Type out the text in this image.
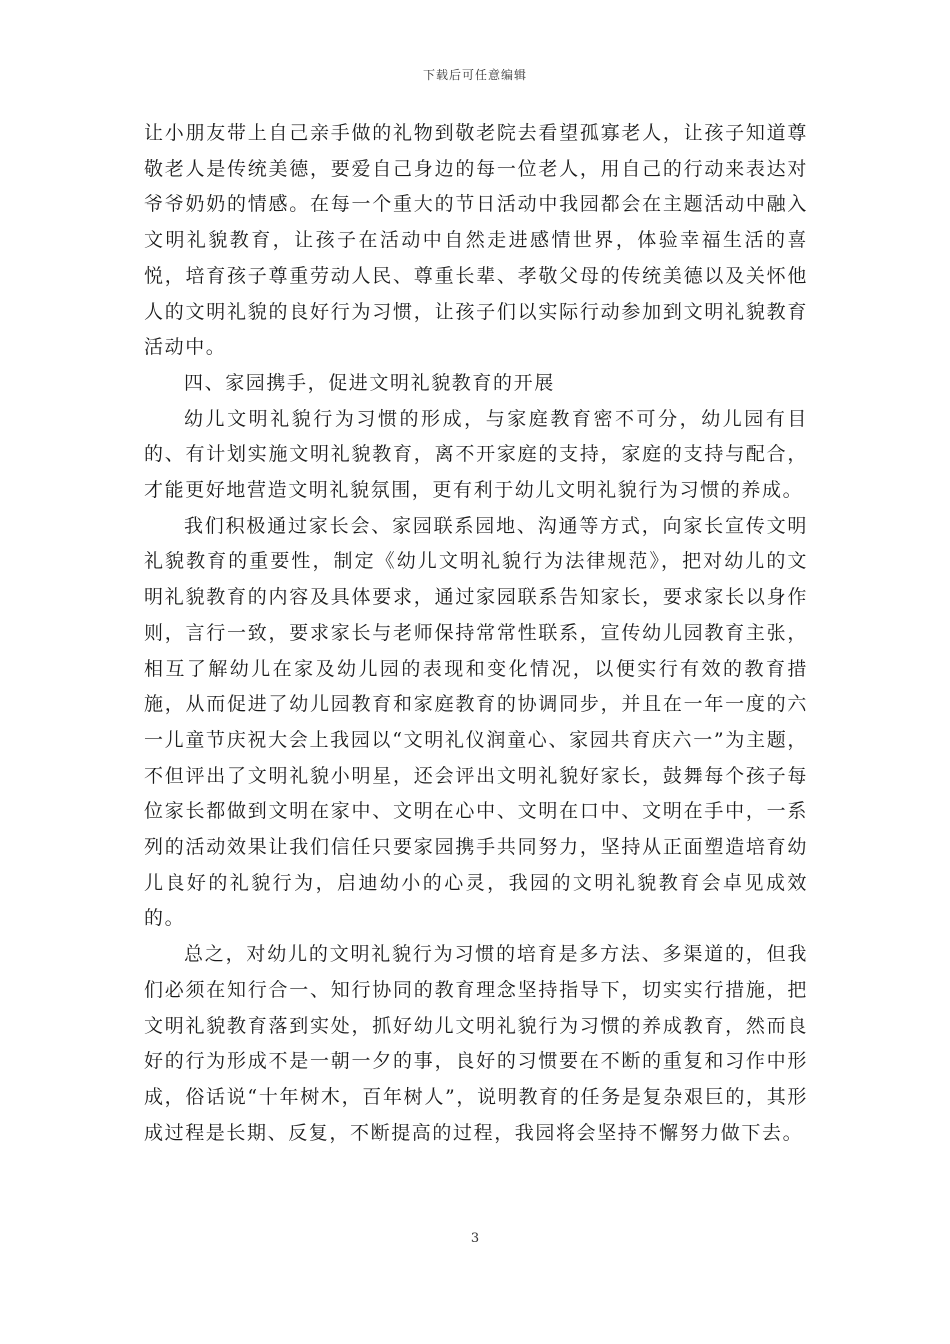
下载后可任意编辑

让小朋友带上自己亲手做的礼物到敬老院去看望孤寡老人，让孩子知道尊敬老人是传统美德，要爱自己身边的每一位老人，用自己的行动来表达对爷爷奶奶的情感。在每一个重大的节日活动中我园都会在主题活动中融入文明礼貌教育，让孩子在活动中自然走进感情世界，体验幸福生活的喜悦，培育孩子尊重劳动人民、尊重长辈、孝敬父母的传统美德以及关怀他人的文明礼貌的良好行为习惯，让孩子们以实际行动参加到文明礼貌教育活动中。

四、家园携手，促进文明礼貌教育的开展

幼儿文明礼貌行为习惯的形成，与家庭教育密不可分，幼儿园有目的、有计划实施文明礼貌教育，离不开家庭的支持，家庭的支持与配合，才能更好地营造文明礼貌氛围，更有利于幼儿文明礼貌行为习惯的养成。

我们积极通过家长会、家园联系园地、沟通等方式，向家长宣传文明礼貌教育的重要性，制定《幼儿文明礼貌行为法律规范》，把对幼儿的文明礼貌教育的内容及具体要求，通过家园联系告知家长，要求家长以身作则，言行一致，要求家长与老师保持常常性联系，宣传幼儿园教育主张，相互了解幼儿在家及幼儿园的表现和变化情况，以便实行有效的教育措施，从而促进了幼儿园教育和家庭教育的协调同步，并且在一年一度的六一儿童节庆祝大会上我园以“文明礼仪润童心、家园共育庆六一”为主题，不但评出了文明礼貌小明星，还会评出文明礼貌好家长，鼓舞每个孩子每位家长都做到文明在家中、文明在心中、文明在口中、文明在手中，一系列的活动效果让我们信任只要家园携手共同努力，坚持从正面塑造培育幼儿良好的礼貌行为，启迪幼小的心灵，我园的文明礼貌教育会卓见成效的。

总之，对幼儿的文明礼貌行为习惯的培育是多方法、多渠道的，但我们必须在知行合一、知行协同的教育理念坚持指导下，切实实行措施，把文明礼貌教育落到实处，抓好幼儿文明礼貌行为习惯的养成教育，然而良好的行为形成不是一朝一夕的事，良好的习惯要在不断的重复和习作中形成，俗话说“十年树木，百年树人”，说明教育的任务是复杂艰巨的，其形成过程是长期、反复，不断提高的过程，我园将会坚持不懈努力做下去。

3
